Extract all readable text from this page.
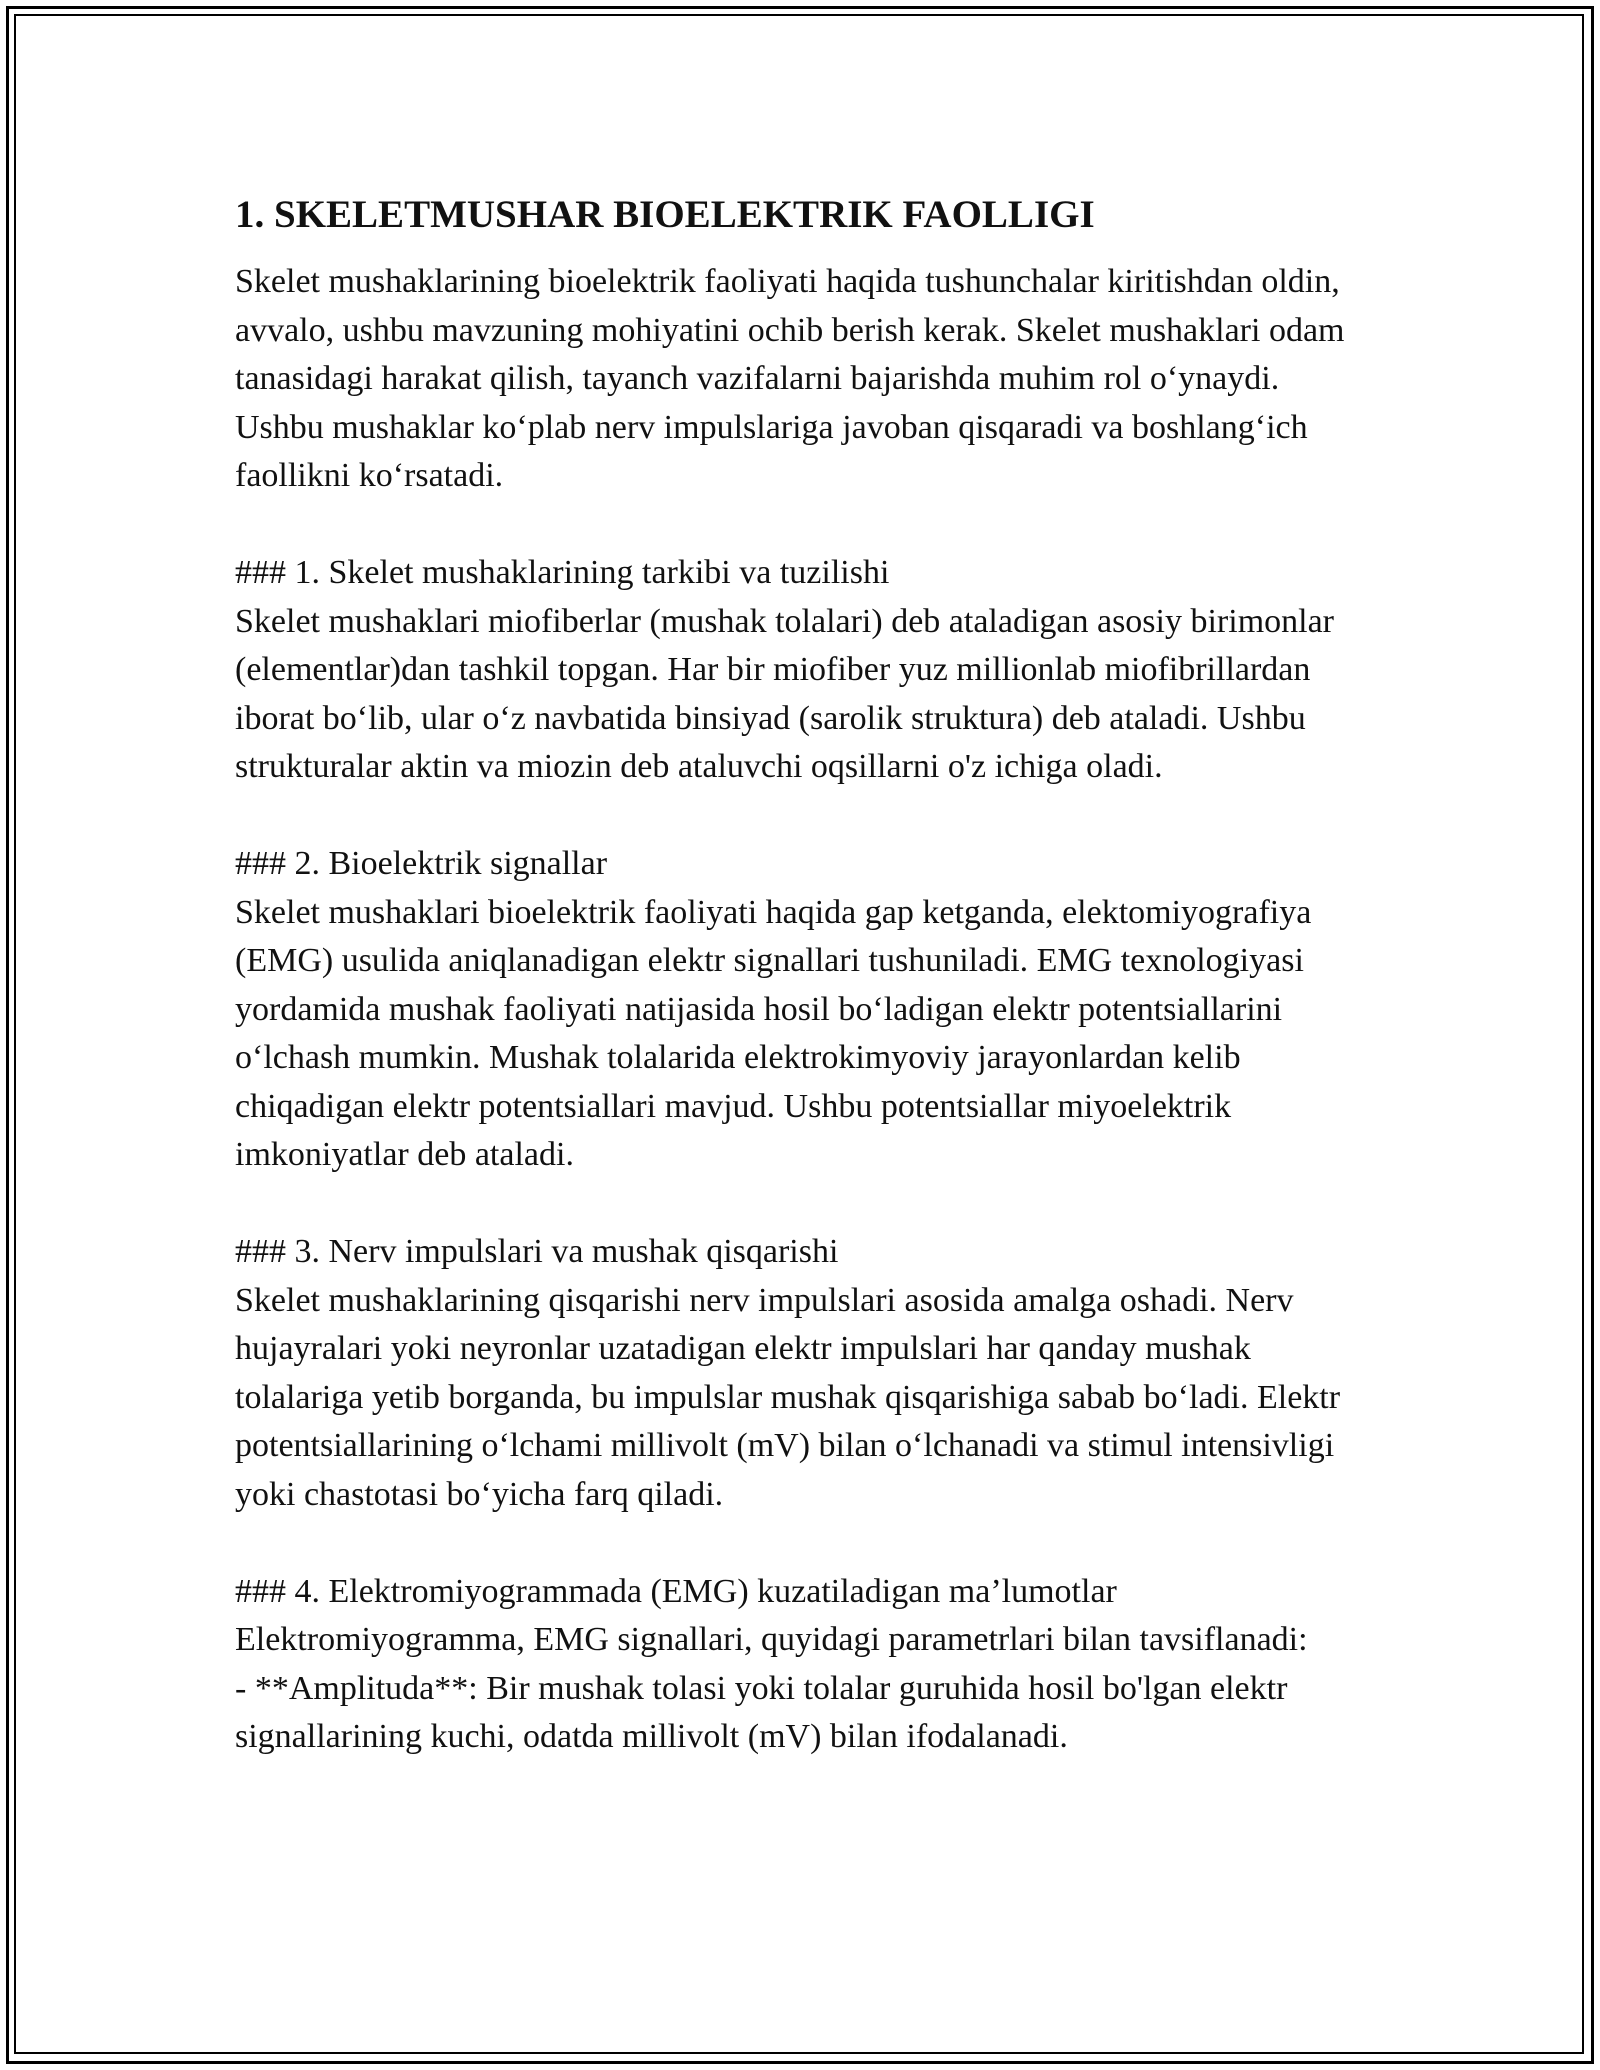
1. SKELETMUSHAR BIOELEKTRIK FAOLLIGI

Skelet mushaklarining bioelektrik faoliyati haqida tushunchalar kiritishdan oldin, avvalo, ushbu mavzuning mohiyatini ochib berish kerak. Skelet mushaklari odam tanasidagi harakat qilish, tayanch vazifalarni bajarishda muhim rol oʻynaydi. Ushbu mushaklar koʻplab nerv impulslariga javoban qisqaradi va boshlangʻich faollikni koʻrsatadi.

### 1. Skelet mushaklarining tarkibi va tuzilishi

Skelet mushaklari miofiberlar (mushak tolalari) deb ataladigan asosiy birimonlar (elementlar)dan tashkil topgan. Har bir miofiber yuz millionlab miofibrillardan iborat boʻlib, ular oʻz navbatida binsiyad (sarolik struktura) deb ataladi. Ushbu strukturalar aktin va miozin deb ataluvchi oqsillarni o'z ichiga oladi.

### 2. Bioelektrik signallar

Skelet mushaklari bioelektrik faoliyati haqida gap ketganda, elektomiyografiya (EMG) usulida aniqlanadigan elektr signallari tushuniladi. EMG texnologiyasi yordamida mushak faoliyati natijasida hosil boʻladigan elektr potentsiallarini oʻlchash mumkin. Mushak tolalarida elektrokimyoviy jarayonlardan kelib chiqadigan elektr potentsiallari mavjud. Ushbu potentsiallar miyoelektrik imkoniyatlar deb ataladi.

### 3. Nerv impulslari va mushak qisqarishi

Skelet mushaklarining qisqarishi nerv impulslari asosida amalga oshadi. Nerv hujayralari yoki neyronlar uzatadigan elektr impulslari har qanday mushak tolalariga yetib borganda, bu impulslar mushak qisqarishiga sabab boʻladi. Elektr potentsiallarining oʻlchami millivolt (mV) bilan oʻlchanadi va stimul intensivligi yoki chastotasi boʻyicha farq qiladi.

### 4. Elektromiyogrammada (EMG) kuzatiladigan ma’lumotlar

Elektromiyogramma, EMG signallari, quyidagi parametrlari bilan tavsiflanadi:

- **Amplituda**: Bir mushak tolasi yoki tolalar guruhida hosil bo'lgan elektr signallarining kuchi, odatda millivolt (mV) bilan ifodalanadi.
